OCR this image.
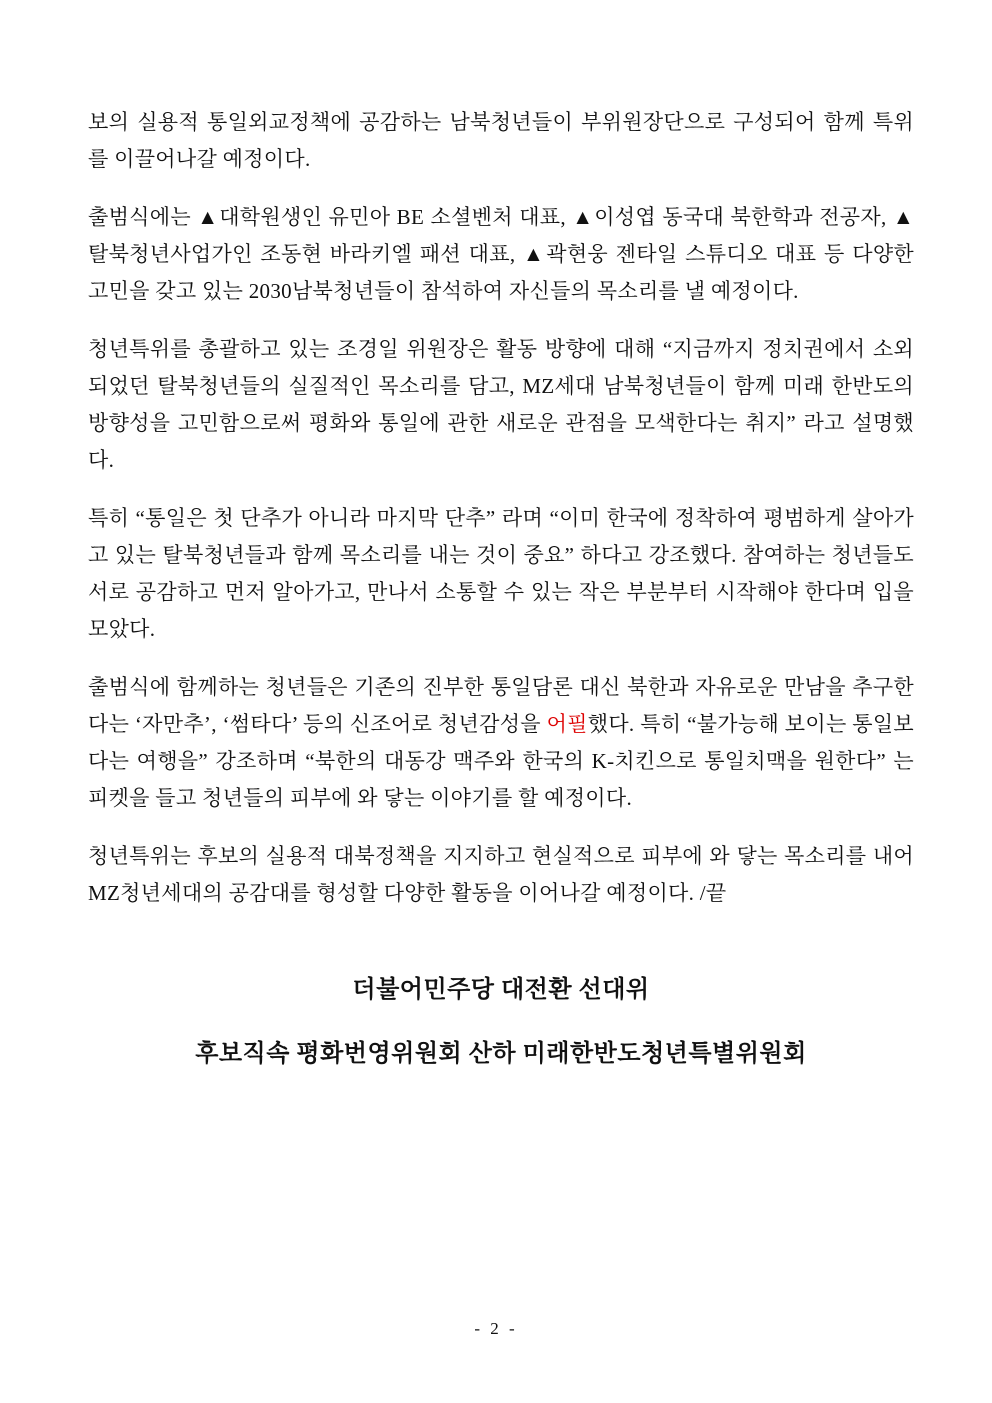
보의 실용적 통일외교정책에 공감하는 남북청년들이 부위원장단으로 구성되어 함께 특위를 이끌어나갈 예정이다.

출범식에는 ▲대학원생인 유민아 BE 소셜벤처 대표, ▲이성엽 동국대 북한학과 전공자, ▲탈북청년사업가인 조동현 바라키엘 패션 대표, ▲곽현웅 젠타일 스튜디오 대표 등 다양한 고민을 갖고 있는 2030남북청년들이 참석하여 자신들의 목소리를 낼 예정이다.

청년특위를 총괄하고 있는 조경일 위원장은 활동 방향에 대해 “지금까지 정치권에서 소외되었던 탈북청년들의 실질적인 목소리를 담고, MZ세대 남북청년들이 함께 미래 한반도의 방향성을 고민함으로써 평화와 통일에 관한 새로운 관점을 모색한다는 취지” 라고 설명했다.

특히 “통일은 첫 단추가 아니라 마지막 단추” 라며 “이미 한국에 정착하여 평범하게 살아가고 있는 탈북청년들과 함께 목소리를 내는 것이 중요” 하다고 강조했다. 참여하는 청년들도 서로 공감하고 먼저 알아가고, 만나서 소통할 수 있는 작은 부분부터 시작해야 한다며 입을 모았다.

출범식에 함께하는 청년들은 기존의 진부한 통일담론 대신 북한과 자유로운 만남을 추구한다는 ‘자만추’, ‘썸타다’ 등의 신조어로 청년감성을 어필했다. 특히 “불가능해 보이는 통일보다는 여행을” 강조하며 “북한의 대동강 맥주와 한국의 K-치킨으로 통일치맥을 원한다” 는 피켓을 들고 청년들의 피부에 와 닿는 이야기를 할 예정이다.

청년특위는 후보의 실용적 대북정책을 지지하고 현실적으로 피부에 와 닿는 목소리를 내어 MZ청년세대의 공감대를 형성할 다양한 활동을 이어나갈 예정이다. /끝

더불어민주당 대전환 선대위

후보직속 평화번영위원회 산하 미래한반도청년특별위원회

- 2 -
